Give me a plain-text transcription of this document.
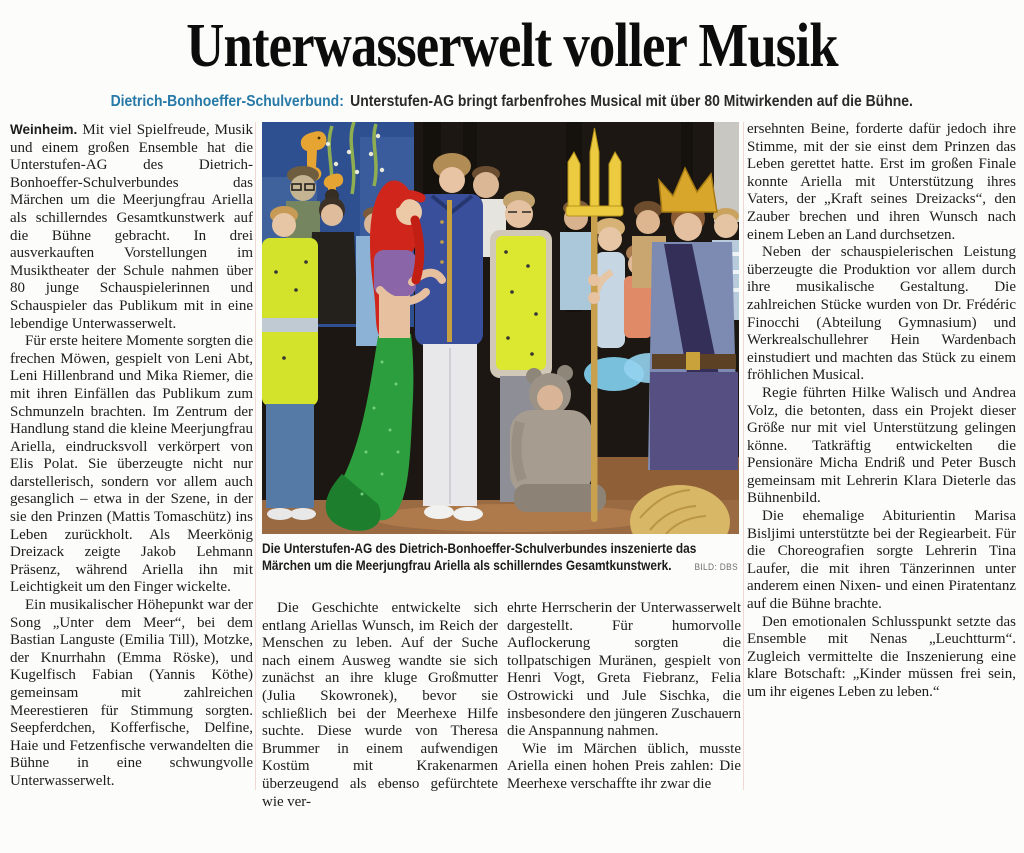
Unterwasserwelt voller Musik
Dietrich-Bonhoeffer-Schulverbund: Unterstufen-AG bringt farbenfrohes Musical mit über 80 Mitwirkenden auf die Bühne.

Weinheim. Mit viel Spielfreude, Musik und einem großen Ensemble hat die Unterstufen-AG des Dietrich-Bonhoeffer-Schulverbundes das Märchen um die Meerjungfrau Ariella als schillerndes Gesamtkunstwerk auf die Bühne gebracht. In drei ausverkauften Vorstellungen im Musiktheater der Schule nahmen über 80 junge Schauspielerinnen und Schauspieler das Publikum mit in eine lebendige Unterwasserwelt.

Für erste heitere Momente sorgten die frechen Möwen, gespielt von Leni Abt, Leni Hillenbrand und Mika Riemer, die mit ihren Einfällen das Publikum zum Schmunzeln brachten. Im Zentrum der Handlung stand die kleine Meerjungfrau Ariella, eindrucksvoll verkörpert von Elis Polat. Sie überzeugte nicht nur darstellerisch, sondern vor allem auch gesanglich – etwa in der Szene, in der sie den Prinzen (Mattis Tomaschütz) ins Leben zurückholt. Als Meerkönig Dreizack zeigte Jakob Lehmann Präsenz, während Ariella ihn mit Leichtigkeit um den Finger wickelte.

Ein musikalischer Höhepunkt war der Song „Unter dem Meer“, bei dem Bastian Languste (Emilia Till), Motzke, der Knurrhahn (Emma Röske), und Kugelfisch Fabian (Yannis Köthe) gemeinsam mit zahlreichen Meerestieren für Stimmung sorgten. Seepferdchen, Kofferfische, Delfine, Haie und Fetzenfische verwandelten die Bühne in eine schwungvolle Unterwasserwelt.

Die Unterstufen-AG des Dietrich-Bonhoeffer-Schulverbundes inszenierte das Märchen um die Meerjungfrau Ariella als schillerndes Gesamtkunstwerk. BILD: DBS

Die Geschichte entwickelte sich entlang Ariellas Wunsch, im Reich der Menschen zu leben. Auf der Suche nach einem Ausweg wandte sie sich zunächst an ihre kluge Großmutter (Julia Skowronek), bevor sie schließlich bei der Meerhexe Hilfe suchte. Diese wurde von Theresa Brummer in einem aufwendigen Kostüm mit Krakenarmen überzeugend als ebenso gefürchtete wie ver-

ehrte Herrscherin der Unterwasserwelt dargestellt. Für humorvolle Auflockerung sorgten die tollpatschigen Muränen, gespielt von Henri Vogt, Greta Fiebranz, Felia Ostrowicki und Jule Sischka, die insbesondere den jüngeren Zuschauern die Anspannung nahmen.

Wie im Märchen üblich, musste Ariella einen hohen Preis zahlen: Die Meerhexe verschaffte ihr zwar die

ersehnten Beine, forderte dafür jedoch ihre Stimme, mit der sie einst dem Prinzen das Leben gerettet hatte. Erst im großen Finale konnte Ariella mit Unterstützung ihres Vaters, der „Kraft seines Dreizacks“, den Zauber brechen und ihren Wunsch nach einem Leben an Land durchsetzen.

Neben der schauspielerischen Leistung überzeugte die Produktion vor allem durch ihre musikalische Gestaltung. Die zahlreichen Stücke wurden von Dr. Frédéric Finocchi (Abteilung Gymnasium) und Werkrealschullehrer Hein Wardenbach einstudiert und machten das Stück zu einem fröhlichen Musical.

Regie führten Hilke Walisch und Andrea Volz, die betonten, dass ein Projekt dieser Größe nur mit viel Unterstützung gelingen könne. Tatkräftig entwickelten die Pensionäre Micha Endriß und Peter Busch gemeinsam mit Lehrerin Klara Dieterle das Bühnenbild.

Die ehemalige Abiturientin Marisa Bisljimi unterstützte bei der Regiearbeit. Für die Choreografien sorgte Lehrerin Tina Laufer, die mit ihren Tänzerinnen unter anderem einen Nixen- und einen Piratentanz auf die Bühne brachte.

Den emotionalen Schlusspunkt setzte das Ensemble mit Nenas „Leuchtturm“. Zugleich vermittelte die Inszenierung eine klare Botschaft: „Kinder müssen frei sein, um ihr eigenes Leben zu leben.“
